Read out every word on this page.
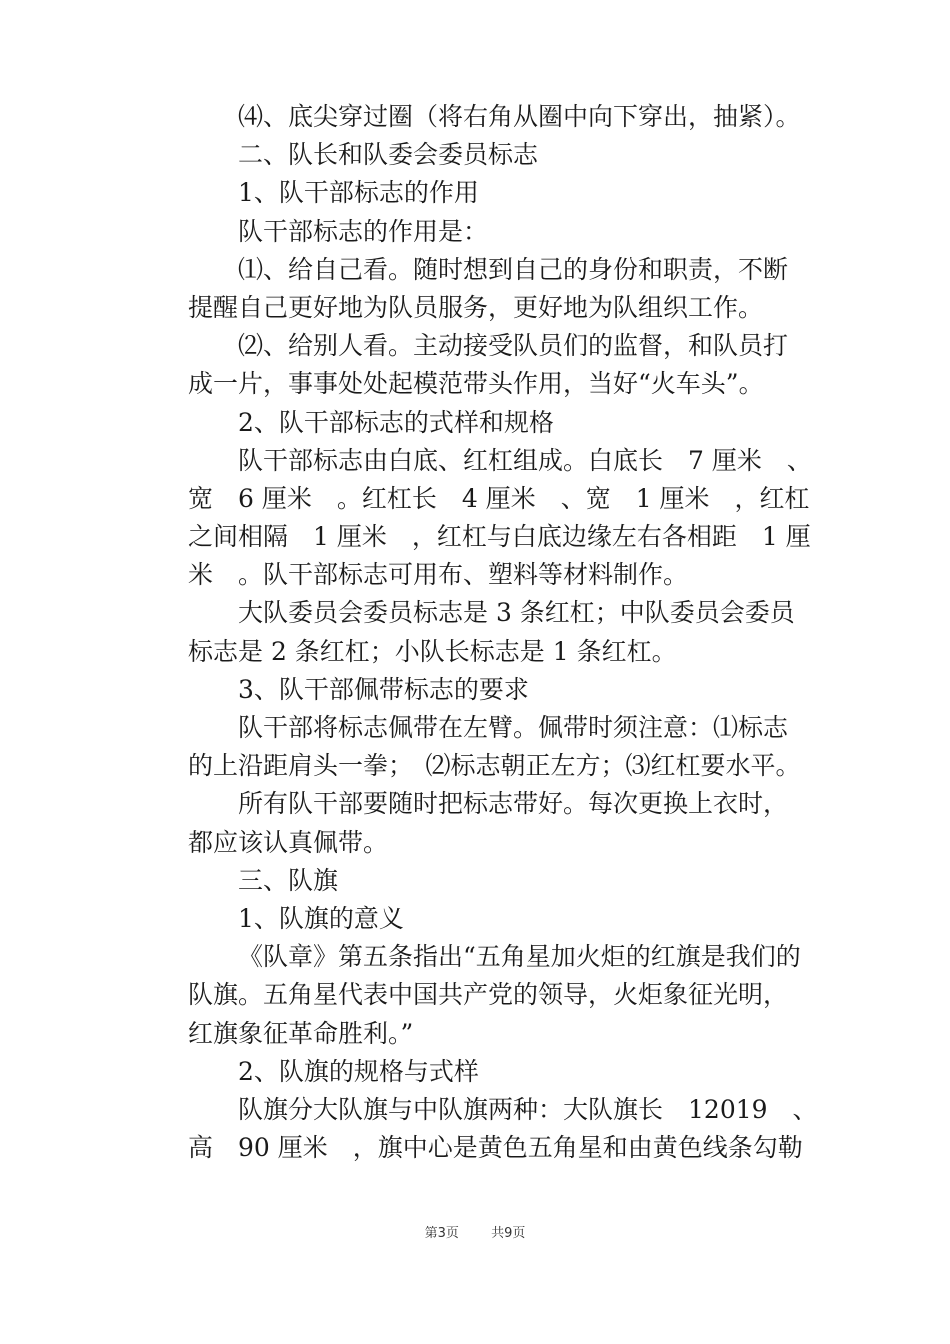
⑷、底尖穿过圈（将右角从圈中向下穿出，抽紧）。
二、队长和队委会委员标志
1、队干部标志的作用
队干部标志的作用是：
⑴、给自己看。随时想到自己的身份和职责，不断
提醒自己更好地为队员服务，更好地为队组织工作。
⑵、给别人看。主动接受队员们的监督，和队员打
成一片，事事处处起模范带头作用，当好“火车头”。
2、队干部标志的式样和规格
队干部标志由白底、红杠组成。白底长　7 厘米　、
宽　6 厘米　。红杠长　4 厘米　、宽　1 厘米　，红杠
之间相隔　1 厘米　，红杠与白底边缘左右各相距　1 厘
米　。队干部标志可用布、塑料等材料制作。
大队委员会委员标志是 3 条红杠；中队委员会委员
标志是 2 条红杠；小队长标志是 1 条红杠。
3、队干部佩带标志的要求
队干部将标志佩带在左臂。佩带时须注意：⑴标志
的上沿距肩头一拳；　⑵标志朝正左方；⑶红杠要水平。
所有队干部要随时把标志带好。每次更换上衣时，
都应该认真佩带。
三、队旗
1、队旗的意义
《队章》第五条指出“五角星加火炬的红旗是我们的
队旗。五角星代表中国共产党的领导，火炬象征光明，
红旗象征革命胜利。”
2、队旗的规格与式样
队旗分大队旗与中队旗两种：大队旗长　12019　、
高　90 厘米　，旗中心是黄色五角星和由黄色线条勾勒
第3页 共9页
